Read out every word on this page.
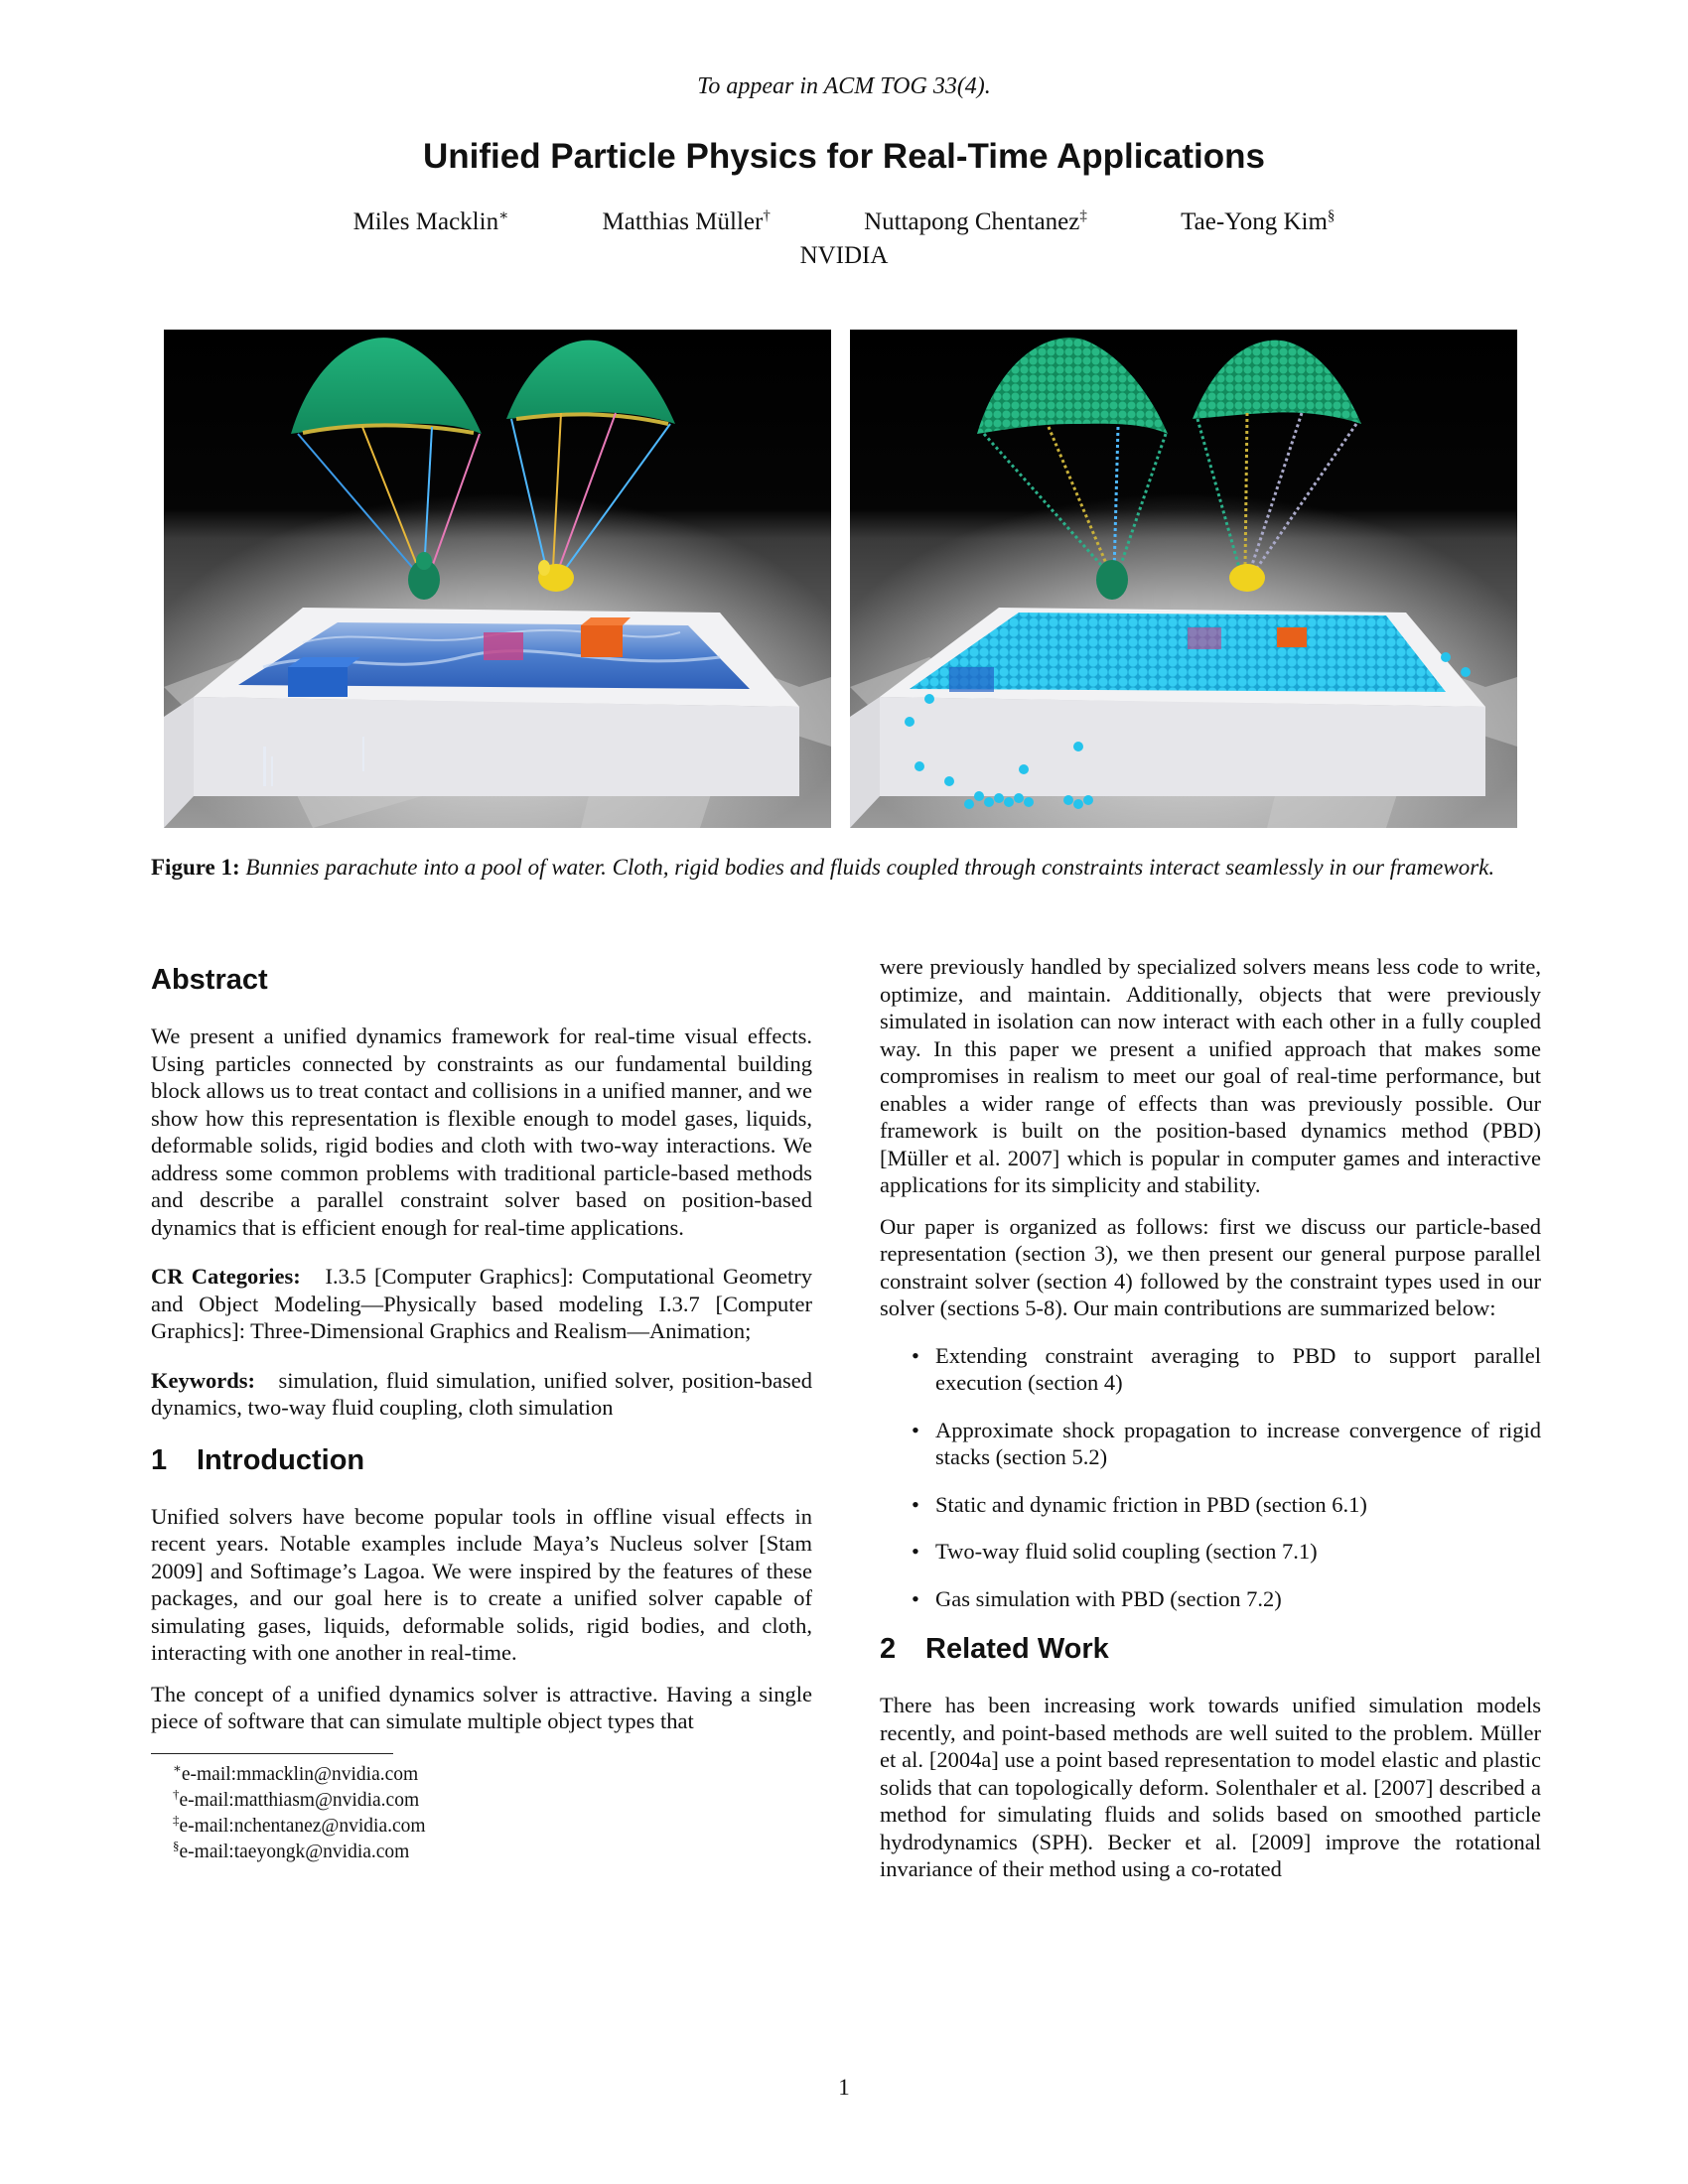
To appear in ACM TOG 33(4).
Unified Particle Physics for Real-Time Applications
Miles Macklin∗	Matthias Müller†	Nuttapong Chentanez‡	Tae-Yong Kim§
NVIDIA
Figure 1: Bunnies parachute into a pool of water. Cloth, rigid bodies and fluids coupled through constraints interact seamlessly in our framework.
Abstract

We present a unified dynamics framework for real-time visual effects. Using particles connected by constraints as our fundamental building block allows us to treat contact and collisions in a unified manner, and we show how this representation is flexible enough to model gases, liquids, deformable solids, rigid bodies and cloth with two-way interactions. We address some common problems with traditional particle-based methods and describe a parallel constraint solver based on position-based dynamics that is efficient enough for real-time applications.

CR Categories: I.3.5 [Computer Graphics]: Computational Geometry and Object Modeling—Physically based modeling I.3.7 [Computer Graphics]: Three-Dimensional Graphics and Realism—Animation;

Keywords: simulation, fluid simulation, unified solver, position-based dynamics, two-way fluid coupling, cloth simulation

1 Introduction

Unified solvers have become popular tools in offline visual effects in recent years. Notable examples include Maya’s Nucleus solver [Stam 2009] and Softimage’s Lagoa. We were inspired by the features of these packages, and our goal here is to create a unified solver capable of simulating gases, liquids, deformable solids, rigid bodies, and cloth, interacting with one another in real-time.

The concept of a unified dynamics solver is attractive. Having a single piece of software that can simulate multiple object types that

∗e-mail:mmacklin@nvidia.com
†e-mail:matthiasm@nvidia.com
‡e-mail:nchentanez@nvidia.com
§e-mail:taeyongk@nvidia.com

were previously handled by specialized solvers means less code to write, optimize, and maintain. Additionally, objects that were previously simulated in isolation can now interact with each other in a fully coupled way. In this paper we present a unified approach that makes some compromises in realism to meet our goal of real-time performance, but enables a wider range of effects than was previously possible. Our framework is built on the position-based dynamics method (PBD) [Müller et al. 2007] which is popular in computer games and interactive applications for its simplicity and stability.

Our paper is organized as follows: first we discuss our particle-based representation (section 3), we then present our general purpose parallel constraint solver (section 4) followed by the constraint types used in our solver (sections 5-8). Our main contributions are summarized below:

• Extending constraint averaging to PBD to support parallel execution (section 4)
• Approximate shock propagation to increase convergence of rigid stacks (section 5.2)
• Static and dynamic friction in PBD (section 6.1)
• Two-way fluid solid coupling (section 7.1)
• Gas simulation with PBD (section 7.2)
2 Related Work

There has been increasing work towards unified simulation models recently, and point-based methods are well suited to the problem. Müller et al. [2004a] use a point based representation to model elastic and plastic solids that can topologically deform. Solenthaler et al. [2007] described a method for simulating fluids and solids based on smoothed particle hydrodynamics (SPH). Becker et al. [2009] improve the rotational invariance of their method using a co-rotated

1
